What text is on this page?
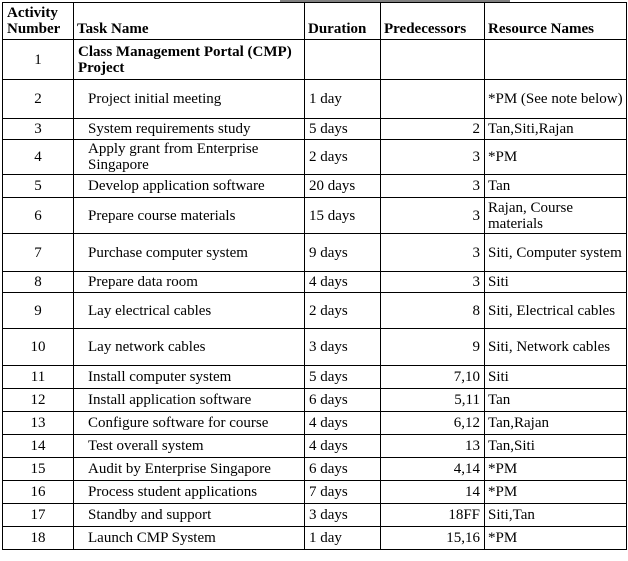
Activity Number	Task Name	Duration	Predecessors	Resource Names
1	Class Management Portal (CMP) Project			
2	Project initial meeting	1 day		*PM (See note below)
3	System requirements study	5 days	2	Tan,Siti,Rajan
4	Apply grant from Enterprise Singapore	2 days	3	*PM
5	Develop application software	20 days	3	Tan
6	Prepare course materials	15 days	3	Rajan, Course materials
7	Purchase computer system	9 days	3	Siti, Computer system
8	Prepare data room	4 days	3	Siti
9	Lay electrical cables	2 days	8	Siti, Electrical cables
10	Lay network cables	3 days	9	Siti, Network cables
11	Install computer system	5 days	7,10	Siti
12	Install application software	6 days	5,11	Tan
13	Configure software for course	4 days	6,12	Tan,Rajan
14	Test overall system	4 days	13	Tan,Siti
15	Audit by Enterprise Singapore	6 days	4,14	*PM
16	Process student applications	7 days	14	*PM
17	Standby and support	3 days	18FF	Siti,Tan
18	Launch CMP System	1 day	15,16	*PM
